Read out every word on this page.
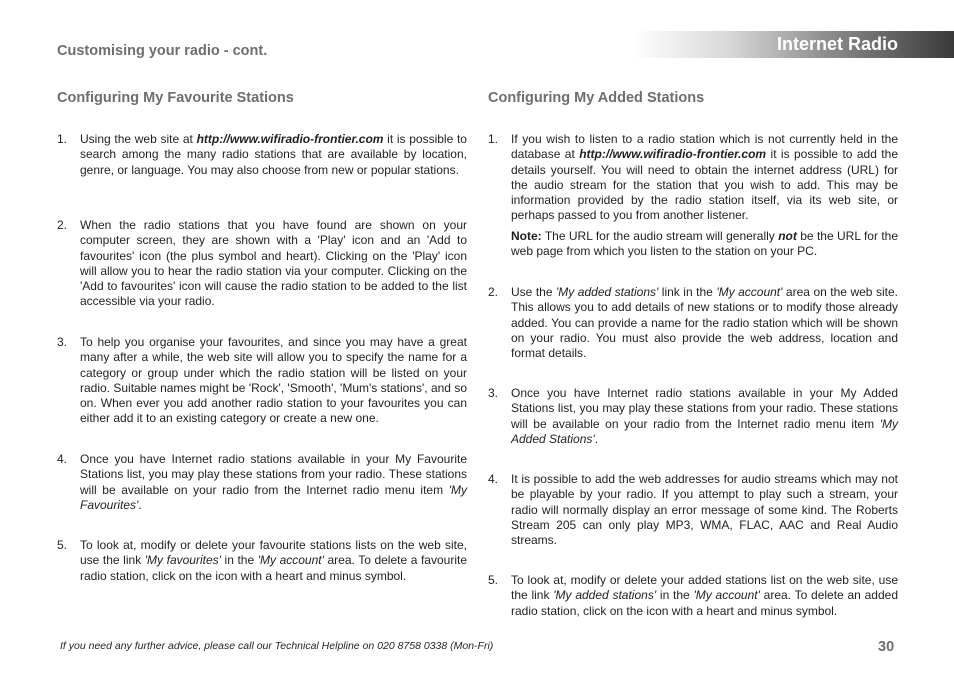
Internet Radio
Customising your radio - cont.
Configuring My Favourite Stations
1. Using the web site at http://www.wifiradio-frontier.com it is possible to search among the many radio stations that are available by location, genre, or language. You may also choose from new or popular stations.

2. When the radio stations that you have found are shown on your computer screen, they are shown with a 'Play' icon and an 'Add to favourites' icon (the plus symbol and heart). Clicking on the 'Play' icon will allow you to hear the radio station via your computer. Clicking on the 'Add to favourites' icon will cause the radio station to be added to the list accessible via your radio.

3. To help you organise your favourites, and since you may have a great many after a while, the web site will allow you to specify the name for a category or group under which the radio station will be listed on your radio. Suitable names might be 'Rock', 'Smooth', 'Mum's stations', and so on. When ever you add another radio station to your favourites you can either add it to an existing category or create a new one.

4. Once you have Internet radio stations available in your My Favourite Stations list, you may play these stations from your radio. These stations will be available on your radio from the Internet radio menu item 'My Favourites'.

5. To look at, modify or delete your favourite stations lists on the web site, use the link 'My favourites' in the 'My account' area. To delete a favourite radio station, click on the icon with a heart and minus symbol.

Configuring My Added Stations
1. If you wish to listen to a radio station which is not currently held in the database at http://www.wifiradio-frontier.com it is possible to add the details yourself. You will need to obtain the internet address (URL) for the audio stream for the station that you wish to add. This may be information provided by the radio station itself, via its web site, or perhaps passed to you from another listener.

Note: The URL for the audio stream will generally not be the URL for the web page from which you listen to the station on your PC.

2. Use the 'My added stations' link in the 'My account' area on the web site. This allows you to add details of new stations or to modify those already added. You can provide a name for the radio station which will be shown on your radio. You must also provide the web address, location and format details.

3. Once you have Internet radio stations available in your My Added Stations list, you may play these stations from your radio. These stations will be available on your radio from the Internet radio menu item 'My Added Stations'.

4. It is possible to add the web addresses for audio streams which may not be playable by your radio. If you attempt to play such a stream, your radio will normally display an error message of some kind. The Roberts Stream 205 can only play MP3, WMA, FLAC, AAC and Real Audio streams.

5. To look at, modify or delete your added stations list on the web site, use the link 'My added stations' in the 'My account' area. To delete an added radio station, click on the icon with a heart and minus symbol.

If you need any further advice, please call our Technical Helpline on 020 8758 0338 (Mon-Fri)	30
